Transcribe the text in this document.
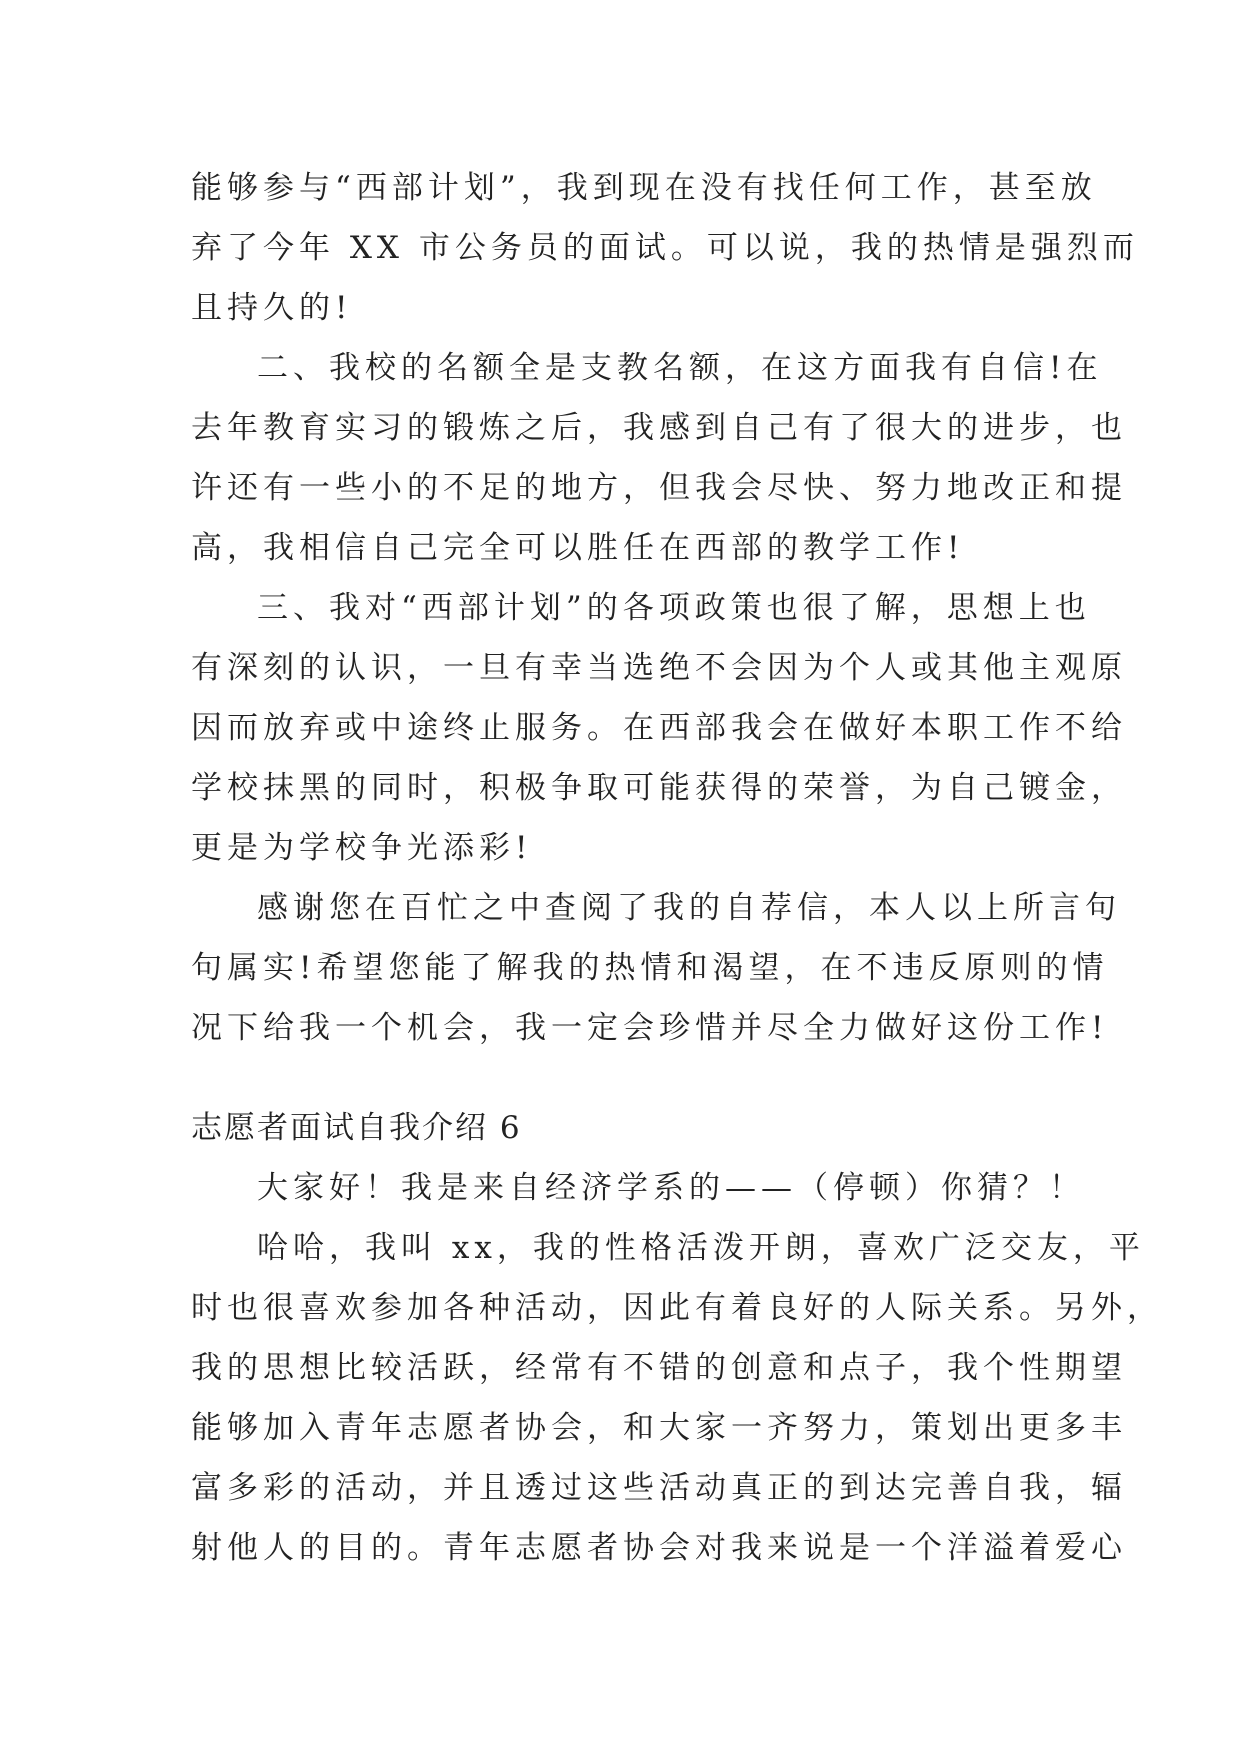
能够参与“西部计划”，我到现在没有找任何工作，甚至放
弃了今年 XX 市公务员的面试。可以说，我的热情是强烈而
且持久的!
二、我校的名额全是支教名额，在这方面我有自信!在
去年教育实习的锻炼之后，我感到自己有了很大的进步，也
许还有一些小的不足的地方，但我会尽快、努力地改正和提
高，我相信自己完全可以胜任在西部的教学工作!
三、我对“西部计划”的各项政策也很了解，思想上也
有深刻的认识，一旦有幸当选绝不会因为个人或其他主观原
因而放弃或中途终止服务。在西部我会在做好本职工作不给
学校抹黑的同时，积极争取可能获得的荣誉，为自己镀金，
更是为学校争光添彩!
感谢您在百忙之中查阅了我的自荐信，本人以上所言句
句属实!希望您能了解我的热情和渴望，在不违反原则的情
况下给我一个机会，我一定会珍惜并尽全力做好这份工作!
志愿者面试自我介绍 6
大家好！我是来自经济学系的——（停顿）你猜？！
哈哈，我叫 xx，我的性格活泼开朗，喜欢广泛交友，平
时也很喜欢参加各种活动，因此有着良好的人际关系。另外，
我的思想比较活跃，经常有不错的创意和点子，我个性期望
能够加入青年志愿者协会，和大家一齐努力，策划出更多丰
富多彩的活动，并且透过这些活动真正的到达完善自我，辐
射他人的目的。青年志愿者协会对我来说是一个洋溢着爱心
